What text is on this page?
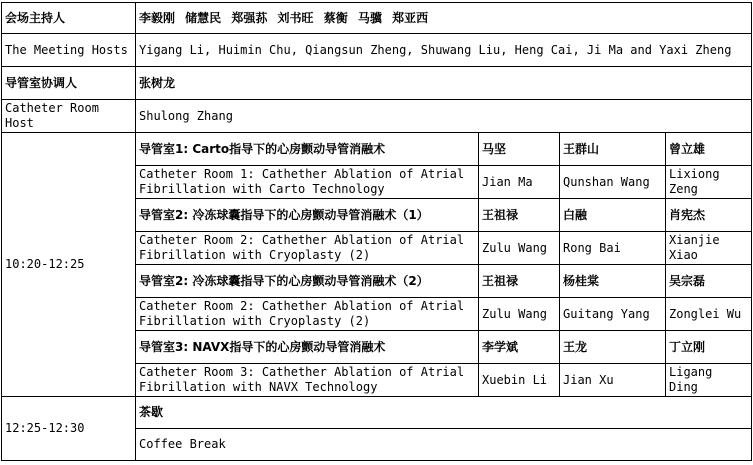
会场主持人	李毅刚 储慧民 郑强荪 刘书旺 蔡衡 马骥 郑亚西			
The Meeting Hosts	Yigang Li, Huimin Chu, Qiangsun Zheng, Shuwang Liu, Heng Cai, Ji Ma and Yaxi Zheng			
导管室协调人	张树龙			
Catheter Room Host	Shulong Zhang			
10:20-12:25	导管室1: Carto指导下的心房颤动导管消融术	马坚	王群山	曾立雄
	Catheter Room 1: Cathether Ablation of Atrial Fibrillation with Carto Technology	Jian Ma	Qunshan Wang	Lixiong Zeng
	导管室2: 冷冻球囊指导下的心房颤动导管消融术（1）	王祖禄	白融	肖宪杰
	Catheter Room 2: Cathether Ablation of Atrial Fibrillation with Cryoplasty (2)	Zulu Wang	Rong Bai	Xianjie Xiao
	导管室2: 冷冻球囊指导下的心房颤动导管消融术（2）	王祖禄	杨桂棠	吴宗磊
	Catheter Room 2: Cathether Ablation of Atrial Fibrillation with Cryoplasty (2)	Zulu Wang	Guitang Yang	Zonglei Wu
	导管室3: NAVX指导下的心房颤动导管消融术	李学斌	王龙	丁立刚
	Catheter Room 3: Cathether Ablation of Atrial Fibrillation with NAVX Technology	Xuebin Li	Jian Xu	Ligang Ding
12:25-12:30	茶歇			
	Coffee Break			
